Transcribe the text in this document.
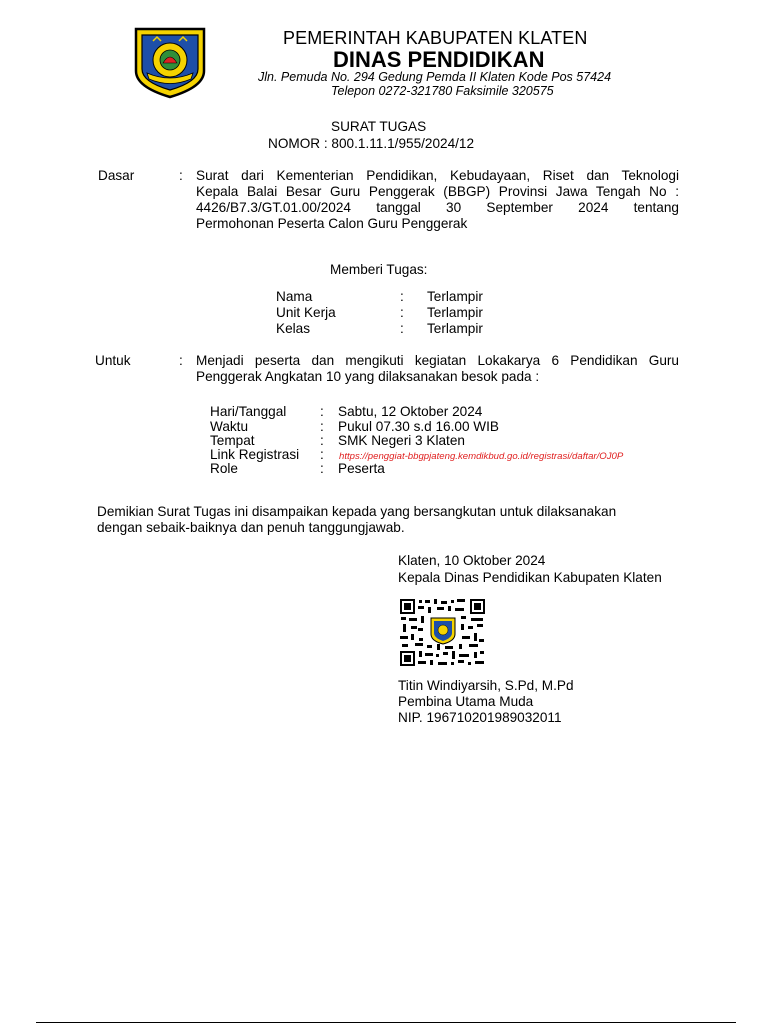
PEMERINTAH KABUPATEN KLATEN
DINAS PENDIDIKAN
Jln. Pemuda No. 294 Gedung Pemda II Klaten Kode Pos 57424
Telepon 0272-321780 Faksimile 320575
SURAT TUGAS
NOMOR : 800.1.11.1/955/2024/12
Dasar	: Surat dari Kementerian Pendidikan, Kebudayaan, Riset dan Teknologi
Kepala Balai Besar Guru Penggerak (BBGP) Provinsi Jawa Tengah No :
4426/B7.3/GT.01.00/2024 tanggal 30 September 2024 tentang
Permohonan Peserta Calon Guru Penggerak
Memberi Tugas:
Nama	: Terlampir
Unit Kerja	: Terlampir
Kelas	: Terlampir
Untuk	: Menjadi peserta dan mengikuti kegiatan Lokakarya 6 Pendidikan Guru
Penggerak Angkatan 10 yang dilaksanakan besok pada :
Hari/Tanggal : Sabtu, 12 Oktober 2024
Waktu	: Pukul 07.30 s.d 16.00 WIB
Tempat	: SMK Negeri 3 Klaten
Link Registrasi : https://penggiat-bbgpjateng.kemdikbud.go.id/registrasi/daftar/OJ0P
Role	: Peserta
Demikian Surat Tugas ini disampaikan kepada yang bersangkutan untuk dilaksanakan
dengan sebaik-baiknya dan penuh tanggungjawab.
Klaten, 10 Oktober 2024
Kepala Dinas Pendidikan Kabupaten Klaten
Titin Windiyarsih, S.Pd, M.Pd
Pembina Utama Muda
NIP. 196710201989032011
